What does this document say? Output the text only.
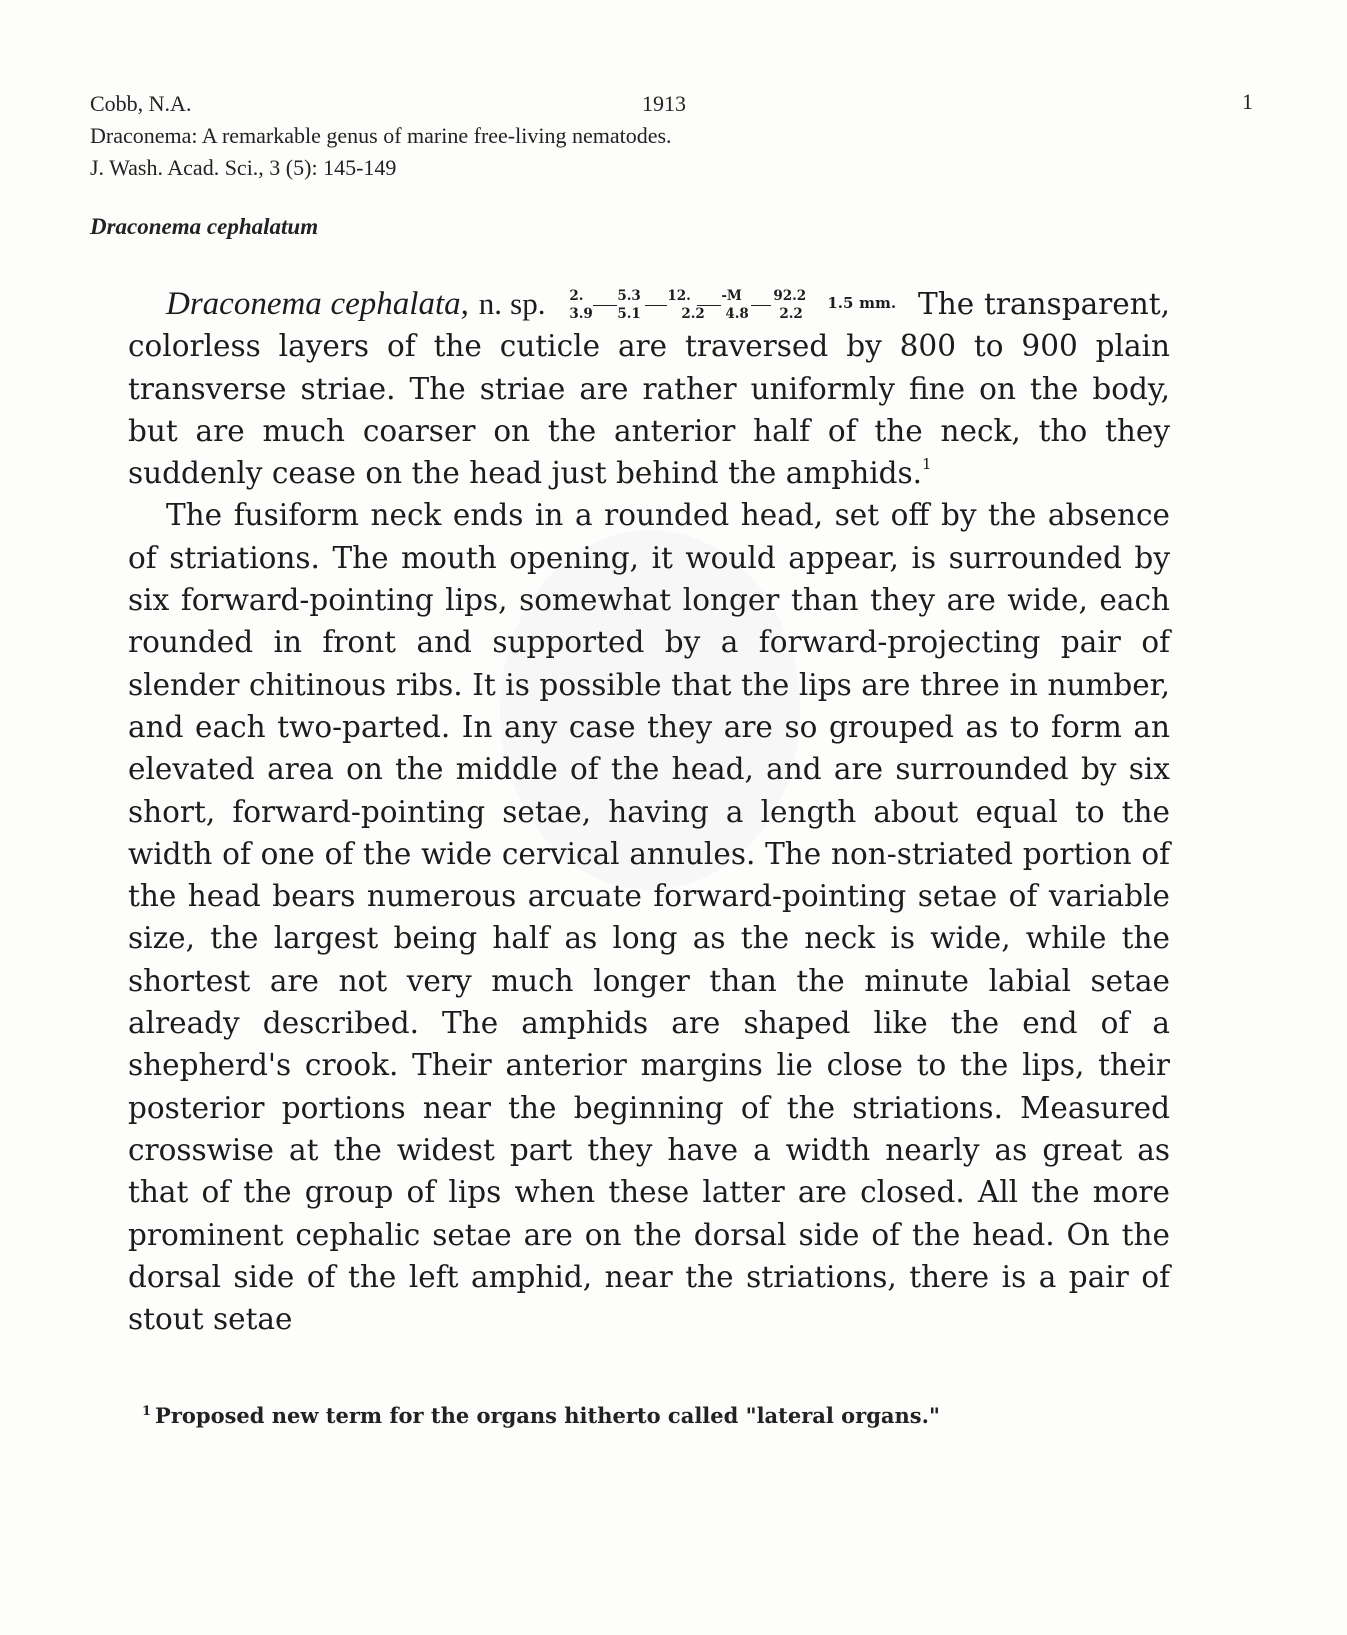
Cobb, N.A.	1913	1
Draconema: A remarkable genus of marine free-living nematodes.
J. Wash. Acad. Sci., 3 (5): 145-149
Draconema cephalatum

Draconema cephalata, n. sp. 2.	5.3 12. -M 92.2
3.9 5.1	2.2 4.8 2.2
$^{1.5 mm.}$ The transparent, colorless layers of the cuticle are traversed by 800 to 900 plain transverse striae. The striae are rather uniformly fine on the body, but are much coarser on the anterior half of the neck, tho they suddenly cease on the head just behind the amphids.$^1$

The fusiform neck ends in a rounded head, set off by the absence of striations. The mouth opening, it would appear, is surrounded by six forward-pointing lips, somewhat longer than they are wide, each rounded in front and supported by a forward-projecting pair of slender chitinous ribs. It is possible that the lips are three in number, and each two-parted. In any case they are so grouped as to form an elevated area on the middle of the head, and are surrounded by six short, forward-pointing setae, having a length about equal to the width of one of the wide cervical annules. The non-striated portion of the head bears numerous arcuate forward-pointing setae of variable size, the largest being half as long as the neck is wide, while the shortest are not very much longer than the minute labial setae already described. The amphids are shaped like the end of a shepherd's crook. Their anterior margins lie close to the lips, their posterior portions near the beginning of the striations. Measured crosswise at the widest part they have a width nearly as great as that of the group of lips when these latter are closed. All the more prominent cephalic setae are on the dorsal side of the head. On the dorsal side of the left amphid, near the striations, there is a pair of stout setae

$^1$ Proposed new term for the organs hitherto called "lateral organs."
